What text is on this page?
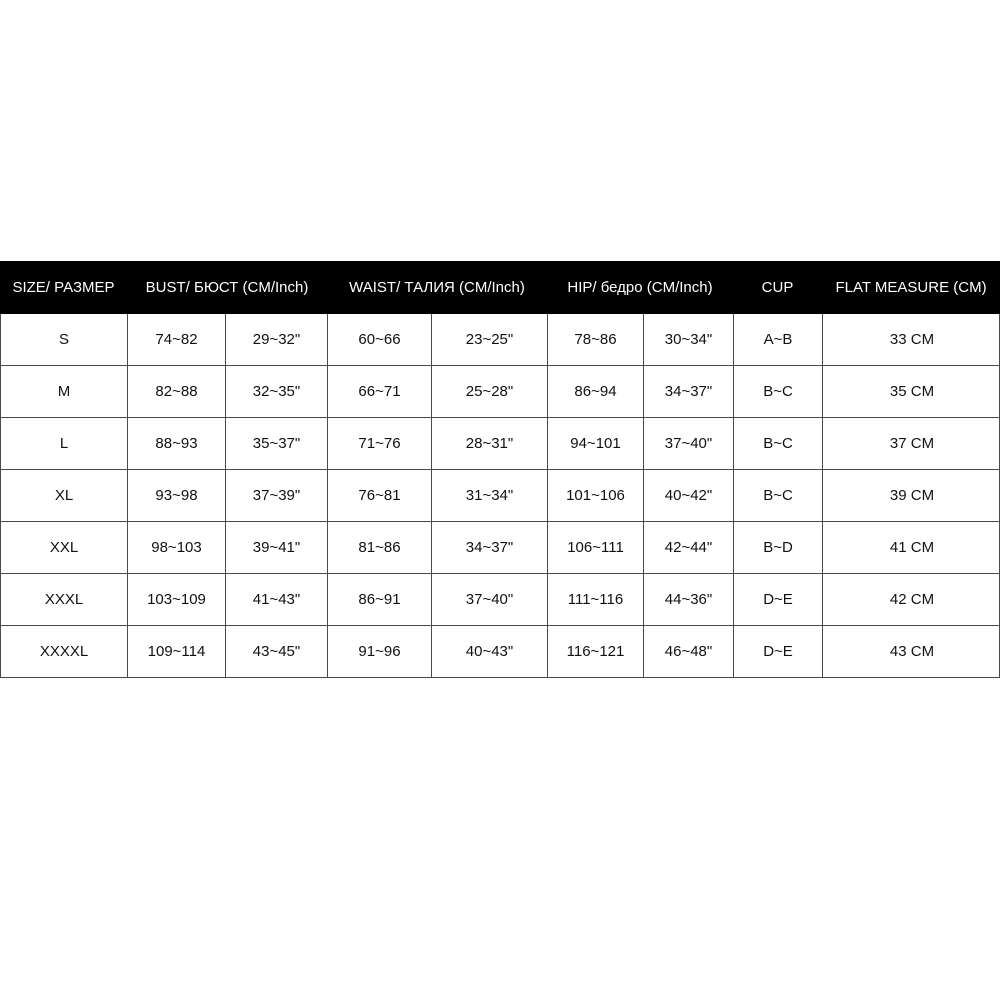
SIZE/ РАЗМЕР	BUST/ БЮСТ (CM/Inch)	WAIST/ ТАЛИЯ (CM/Inch)	HIP/ бедро (CM/Inch)	CUP	FLAT MEASURE (CM)
S	74~82	29~32"	60~66	23~25"	78~86	30~34"	A~B	33 CM
M	82~88	32~35"	66~71	25~28"	86~94	34~37"	B~C	35 CM
L	88~93	35~37"	71~76	28~31"	94~101	37~40"	B~C	37 CM
XL	93~98	37~39"	76~81	31~34"	101~106	40~42"	B~C	39 CM
XXL	98~103	39~41"	81~86	34~37"	106~111	42~44"	B~D	41 CM
XXXL	103~109	41~43"	86~91	37~40"	111~116	44~36"	D~E	42 CM
XXXXL	109~114	43~45"	91~96	40~43"	116~121	46~48"	D~E	43 CM
